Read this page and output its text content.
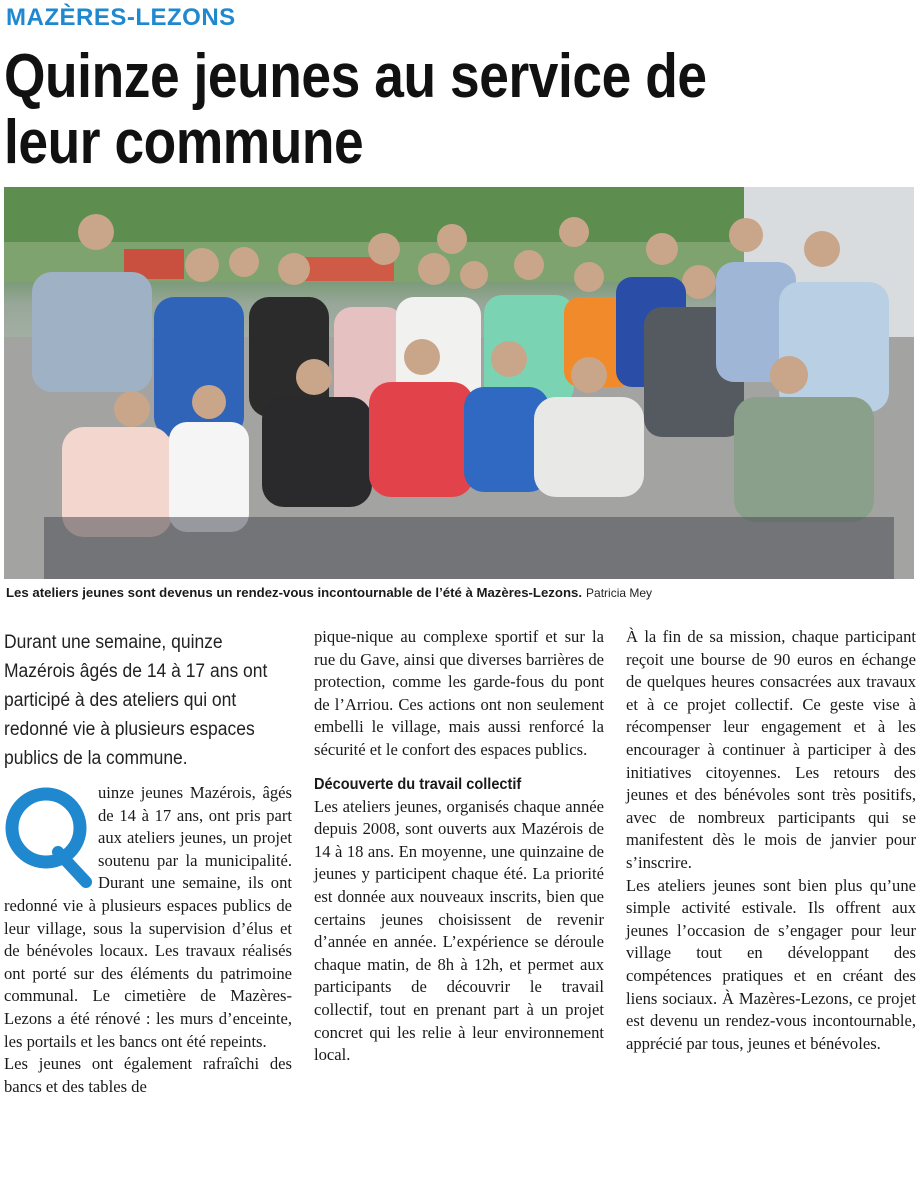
MAZÈRES-LEZONS
Quinze jeunes au service de leur commune
Les ateliers jeunes sont devenus un rendez-vous incontournable de l’été à Mazères-Lezons. Patricia Mey
Durant une semaine, quinze Mazérois âgés de 14 à 17 ans ont participé à des ateliers qui ont redonné vie à plusieurs espaces publics de la commune.

uinze jeunes Mazérois, âgés de 14 à 17 ans, ont pris part aux ateliers jeunes, un projet soutenu par la municipalité. Durant une semaine, ils ont redonné vie à plusieurs espaces publics de leur village, sous la supervision d’élus et de bénévoles locaux. Les travaux réalisés ont porté sur des éléments du patrimoine communal. Le cimetière de Mazères-Lezons a été rénové : les murs d’enceinte, les portails et les bancs ont été repeints.

Les jeunes ont également rafraîchi des bancs et des tables de

pique-nique au complexe sportif et sur la rue du Gave, ainsi que diverses barrières de protection, comme les garde-fous du pont de l’Arriou. Ces actions ont non seulement embelli le village, mais aussi renforcé la sécurité et le confort des espaces publics.

Découverte du travail collectif

Les ateliers jeunes, organisés chaque année depuis 2008, sont ouverts aux Mazérois de 14 à 18 ans. En moyenne, une quinzaine de jeunes y participent chaque été. La priorité est donnée aux nouveaux inscrits, bien que certains jeunes choisissent de revenir d’année en année. L’expérience se déroule chaque matin, de 8h à 12h, et permet aux participants de découvrir le travail collectif, tout en prenant part à un projet concret qui les relie à leur environnement local.

À la fin de sa mission, chaque participant reçoit une bourse de 90 euros en échange de quelques heures consacrées aux travaux et à ce projet collectif. Ce geste vise à récompenser leur engagement et à les encourager à continuer à participer à des initiatives citoyennes. Les retours des jeunes et des bénévoles sont très positifs, avec de nombreux participants qui se manifestent dès le mois de janvier pour s’inscrire.

Les ateliers jeunes sont bien plus qu’une simple activité estivale. Ils offrent aux jeunes l’occasion de s’engager pour leur village tout en développant des compétences pratiques et en créant des liens sociaux. À Mazères-Lezons, ce projet est devenu un rendez-vous incontournable, apprécié par tous, jeunes et bénévoles.
